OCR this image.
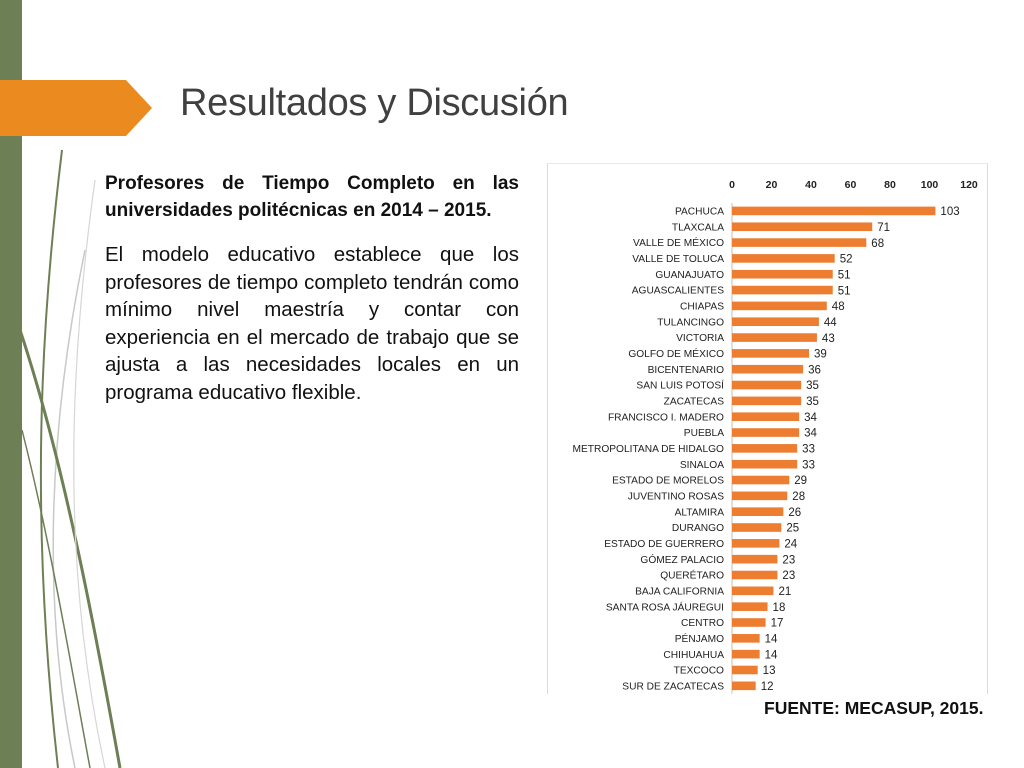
Resultados y Discusión

Profesores de Tiempo Completo en las universidades politécnicas en 2014 – 2015.

El modelo educativo establece que los profesores de tiempo completo tendrán como mínimo nivel maestría y contar con experiencia en el mercado de trabajo que se ajusta a las necesidades locales en un programa educativo flexible.

0	20	40	60	80 100 120
PACHUCA	103
TLAXCALA	71
VALLE DE MÉXICO	68
VALLE DE TOLUCA	52
GUANAJUATO	51
AGUASCALIENTES	51
CHIAPAS	48
TULANCINGO	44
VICTORIA	43
GOLFO DE MÉXICO	39
BICENTENARIO	36
SAN LUIS POTOSÍ	35
ZACATECAS	35
FRANCISCO I. MADERO	34
PUEBLA	34
METROPOLITANA DE HIDALGO	33
SINALOA	33
ESTADO DE MORELOS	29
JUVENTINO ROSAS	28
ALTAMIRA	26
DURANGO	25
ESTADO DE GUERRERO	24
GÓMEZ PALACIO	23
QUERÉTARO	23
BAJA CALIFORNIA	21
SANTA ROSA JÁUREGUI	18
CENTRO	17
PÉNJAMO	14
CHIHUAHUA	14
TEXCOCO	13
SUR DE ZACATECAS	12
FUENTE: MECASUP, 2015.
